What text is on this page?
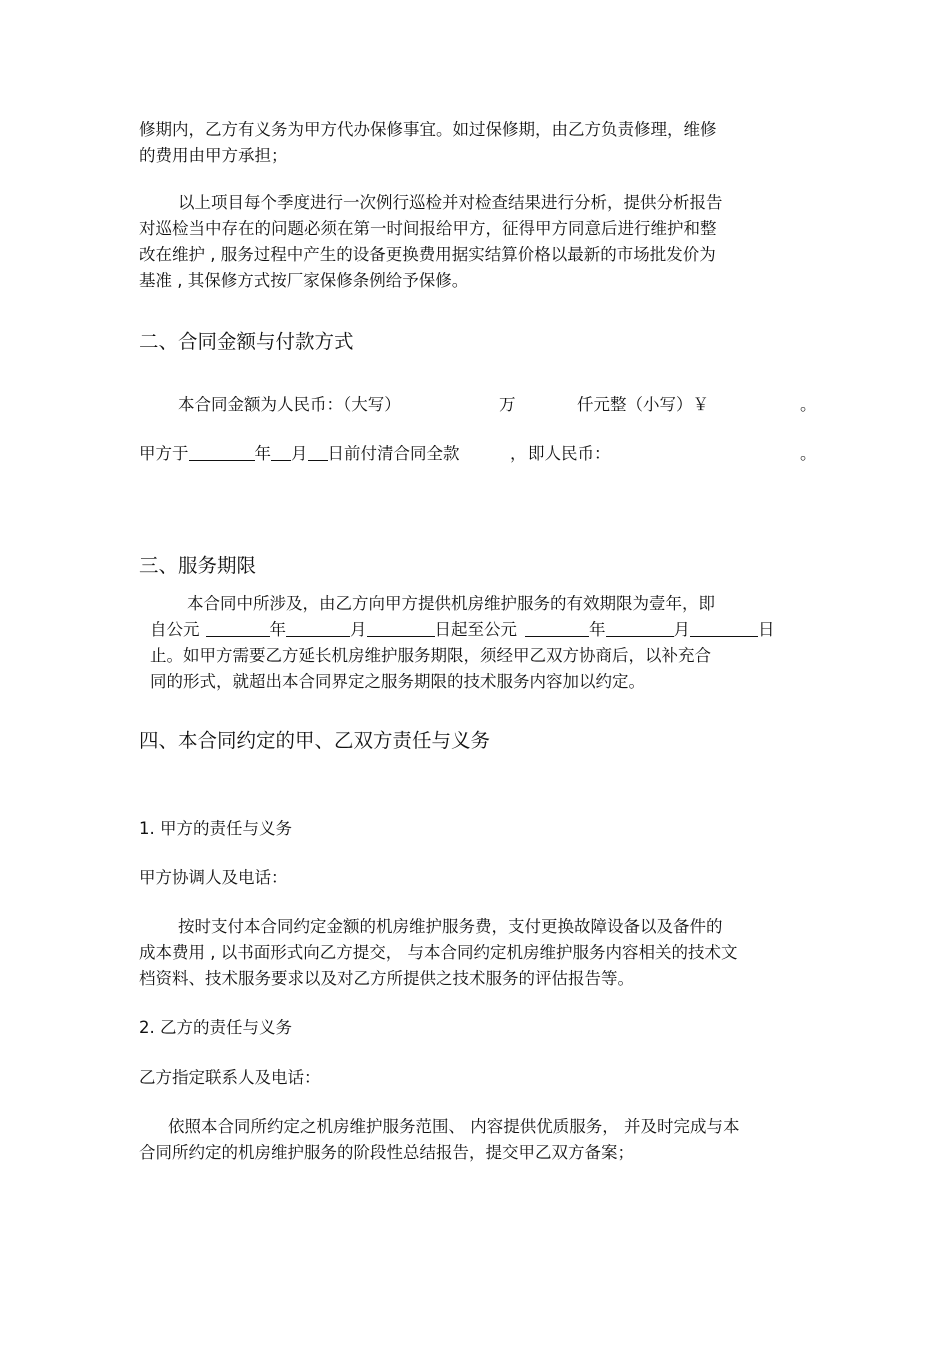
修期内，乙方有义务为甲方代办保修事宜。如过保修期，由乙方负责修理，维修
的费用由甲方承担；
以上项目每个季度进行一次例行巡检并对检查结果进行分析，提供分析报告
对巡检当中存在的问题必须在第一时间报给甲方，征得甲方同意后进行维护和整
改在维护 , 服务过程中产生的设备更换费用据实结算价格以最新的市场批发价为
基准 , 其保修方式按厂家保修条例给予保修。
二、合同金额与付款方式
本合同金额为人民币：（大写）	万	仟元整（小写）￥	。
甲方于	年 月 日前付清合同全款	， 即人民币：	。
三、服务期限
本合同中所涉及，由乙方向甲方提供机房维护服务的有效期限为壹年，即
自公元	年	月	日起至公元	年	月	日
止。如甲方需要乙方延长机房维护服务期限，须经甲乙双方协商后，以补充合
同的形式，就超出本合同界定之服务期限的技术服务内容加以约定。
四、本合同约定的甲、乙双方责任与义务
1. 甲方的责任与义务
甲方协调人及电话：
按时支付本合同约定金额的机房维护服务费，支付更换故障设备以及备件的
成本费用 , 以书面形式向乙方提交， 与本合同约定机房维护服务内容相关的技术文
档资料、技术服务要求以及对乙方所提供之技术服务的评估报告等。
2. 乙方的责任与义务
乙方指定联系人及电话：
依照本合同所约定之机房维护服务范围、 内容提供优质服务， 并及时完成与本
合同所约定的机房维护服务的阶段性总结报告，提交甲乙双方备案；
